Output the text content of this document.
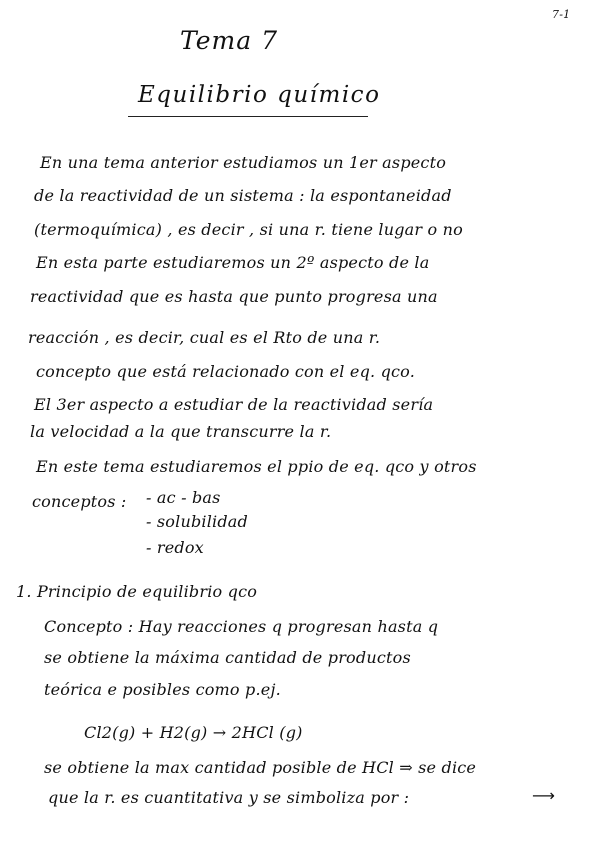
7-1

Tema 7

Equilibrio químico

En una tema anterior estudiamos un 1er aspecto

de la reactividad de un sistema : la espontaneidad

(termoquímica) , es decir , si una r. tiene lugar o no

En esta parte estudiaremos un 2º aspecto de la

reactividad que es hasta que punto progresa una

reacción , es decir, cual es el Rto de una r.

concepto que está relacionado con el eq. qco.

El 3er aspecto a estudiar de la reactividad sería

la velocidad a la que transcurre la r.

En este tema estudiaremos el ppio de eq. qco y otros

conceptos : - ac - bas

- solubilidad

- redox

1. Principio de equilibrio qco

Concepto : Hay reacciones q progresan hasta q

se obtiene la máxima cantidad de productos

teórica e posibles como p.ej.

Cl2(g) + H2(g) → 2HCl (g)

se obtiene la max cantidad posible de HCl ⇒ se dice

que la r. es cuantitativa y se simboliza por :	⟶
